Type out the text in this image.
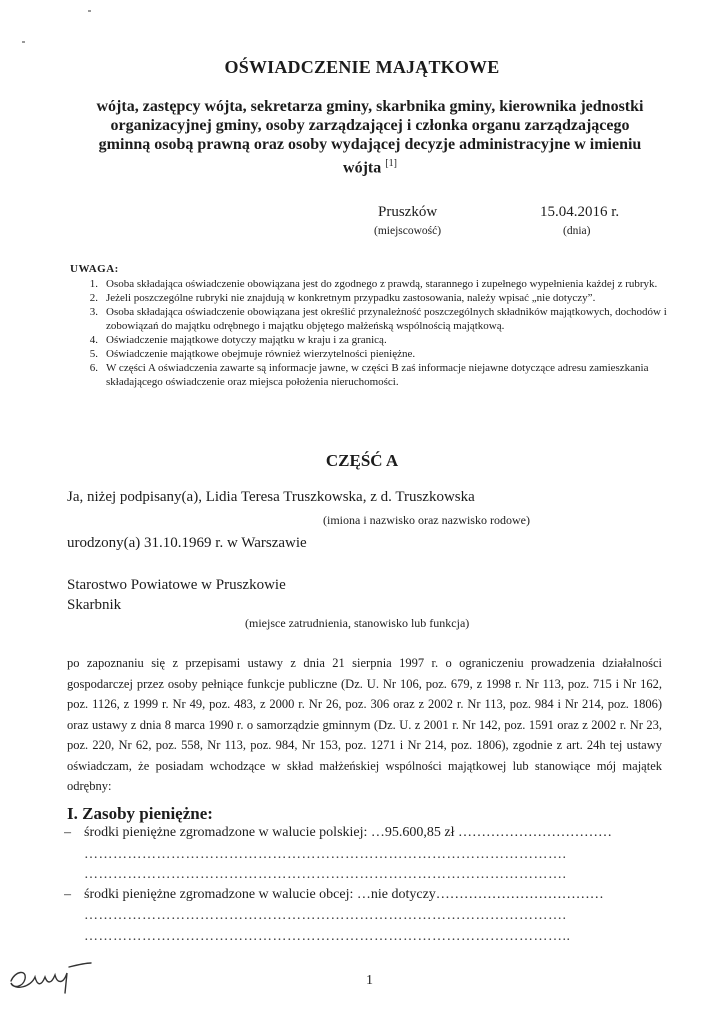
OŚWIADCZENIE MAJĄTKOWE
wójta, zastępcy wójta, sekretarza gminy, skarbnika gminy, kierownika jednostki
organizacyjnej gminy, osoby zarządzającej i członka organu zarządzającego
gminną osobą prawną oraz osoby wydającej decyzje administracyjne w imieniu
wójta [1]
Pruszków
(miejscowość)
15.04.2016 r.
(dnia)
UWAGA:
1. Osoba składająca oświadczenie obowiązana jest do zgodnego z prawdą, starannego i zupełnego wypełnienia każdej z rubryk.
2. Jeżeli poszczególne rubryki nie znajdują w konkretnym przypadku zastosowania, należy wpisać „nie dotyczy”.
3. Osoba składająca oświadczenie obowiązana jest określić przynależność poszczególnych składników majątkowych, dochodów i zobowiązań do majątku odrębnego i majątku objętego małżeńską wspólnością majątkową.
4. Oświadczenie majątkowe dotyczy majątku w kraju i za granicą.
5. Oświadczenie majątkowe obejmuje również wierzytelności pieniężne.
6. W części A oświadczenia zawarte są informacje jawne, w części B zaś informacje niejawne dotyczące adresu zamieszkania składającego oświadczenie oraz miejsca położenia nieruchomości.
CZĘŚĆ A
Ja, niżej podpisany(a), Lidia Teresa Truszkowska, z d. Truszkowska
(imiona i nazwisko oraz nazwisko rodowe)
urodzony(a) 31.10.1969 r. w Warszawie
Starostwo Powiatowe w Pruszkowie
Skarbnik
(miejsce zatrudnienia, stanowisko lub funkcja)
po zapoznaniu się z przepisami ustawy z dnia 21 sierpnia 1997 r. o ograniczeniu prowadzenia działalności gospodarczej przez osoby pełniące funkcje publiczne (Dz. U. Nr 106, poz. 679, z 1998 r. Nr 113, poz. 715 i Nr 162, poz. 1126, z 1999 r. Nr 49, poz. 483, z 2000 r. Nr 26, poz. 306 oraz z 2002 r. Nr 113, poz. 984 i Nr 214, poz. 1806) oraz ustawy z dnia 8 marca 1990 r. o samorządzie gminnym (Dz. U. z 2001 r. Nr 142, poz. 1591 oraz z 2002 r. Nr 23, poz. 220, Nr 62, poz. 558, Nr 113, poz. 984, Nr 153, poz. 1271 i Nr 214, poz. 1806), zgodnie z art. 24h tej ustawy oświadczam, że posiadam wchodzące w skład małżeńskiej wspólności majątkowej lub stanowiące mój majątek odrębny:
I. Zasoby pieniężne:
– środki pieniężne zgromadzone w walucie polskiej: …95.600,85 zł ……………………………
……………………………………………………………………………………….
……………………………………………………………………………………….
– środki pieniężne zgromadzone w walucie obcej: …nie dotyczy………………………………
……………………………………………………………………………………….
………………………………………………………………………………………..
1
